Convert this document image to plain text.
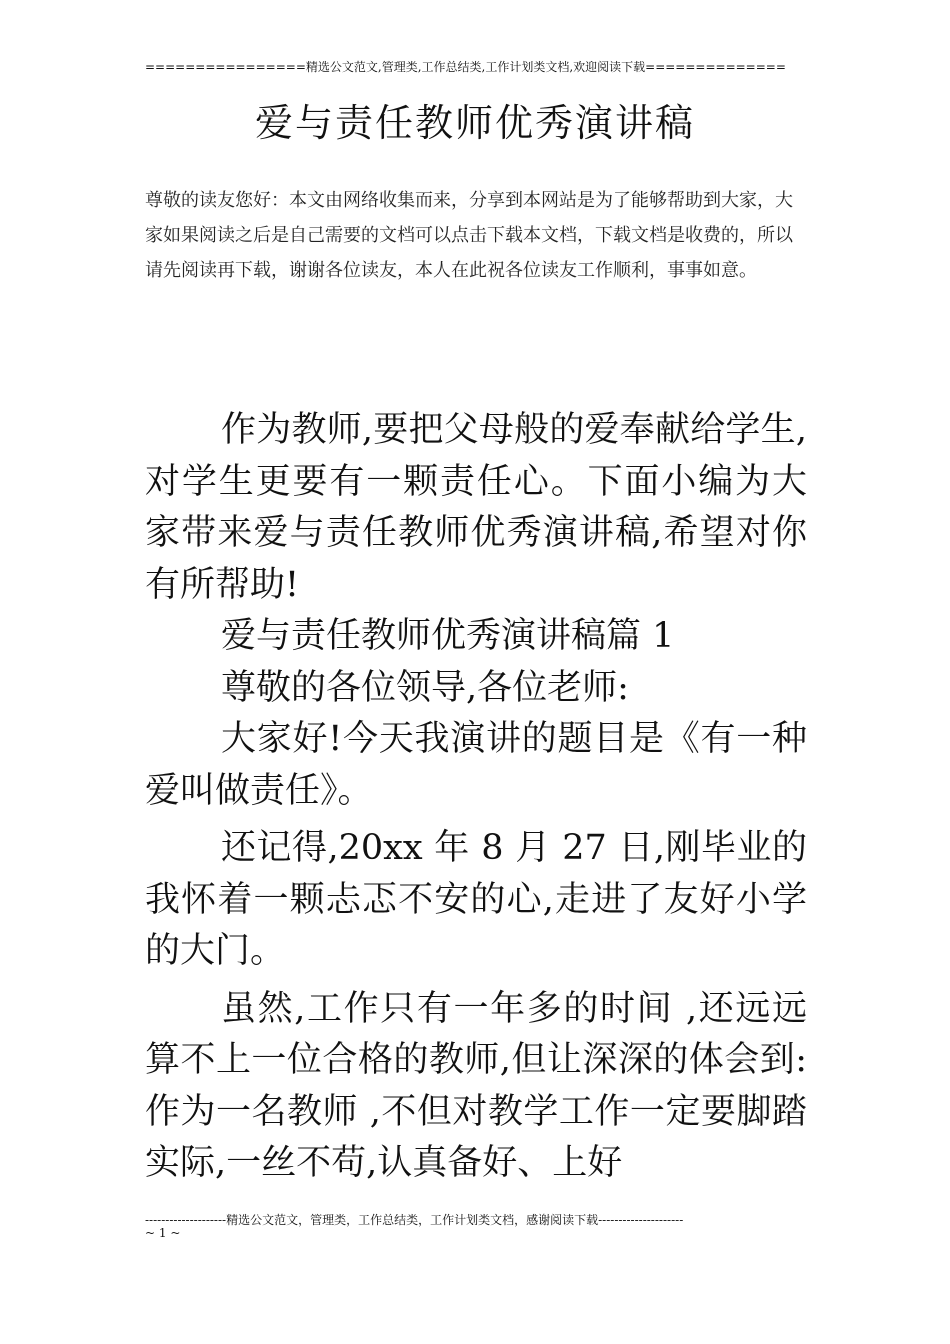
================精选公文范文,管理类,工作总结类,工作计划类文档,欢迎阅读下载==============
爱与责任教师优秀演讲稿
尊敬的读友您好：本文由网络收集而来，分享到本网站是为了能够帮助到大家，大家如果阅读之后是自己需要的文档可以点击下载本文档，下载文档是收费的，所以请先阅读再下载，谢谢各位读友，本人在此祝各位读友工作顺利，事事如意。

作为教师,要把父母般的爱奉献给学生,对学生更要有一颗责任心。下面小编为大家带来爱与责任教师优秀演讲稿,希望对你有所帮助!

爱与责任教师优秀演讲稿篇 1

尊敬的各位领导,各位老师:

大家好!今天我演讲的题目是《有一种爱叫做责任》。

还记得,20xx 年 8 月 27 日,刚毕业的我怀着一颗忐忑不安的心,走进了友好小学的大门。

虽然,工作只有一年多的时间 ,还远远算不上一位合格的教师,但让深深的体会到:作为一名教师 ,不但对教学工作一定要脚踏实际,一丝不苟,认真备好、上好

--------------------精选公文范文，管理类，工作总结类，工作计划类文档，感谢阅读下载---------------------
~ 1 ~
